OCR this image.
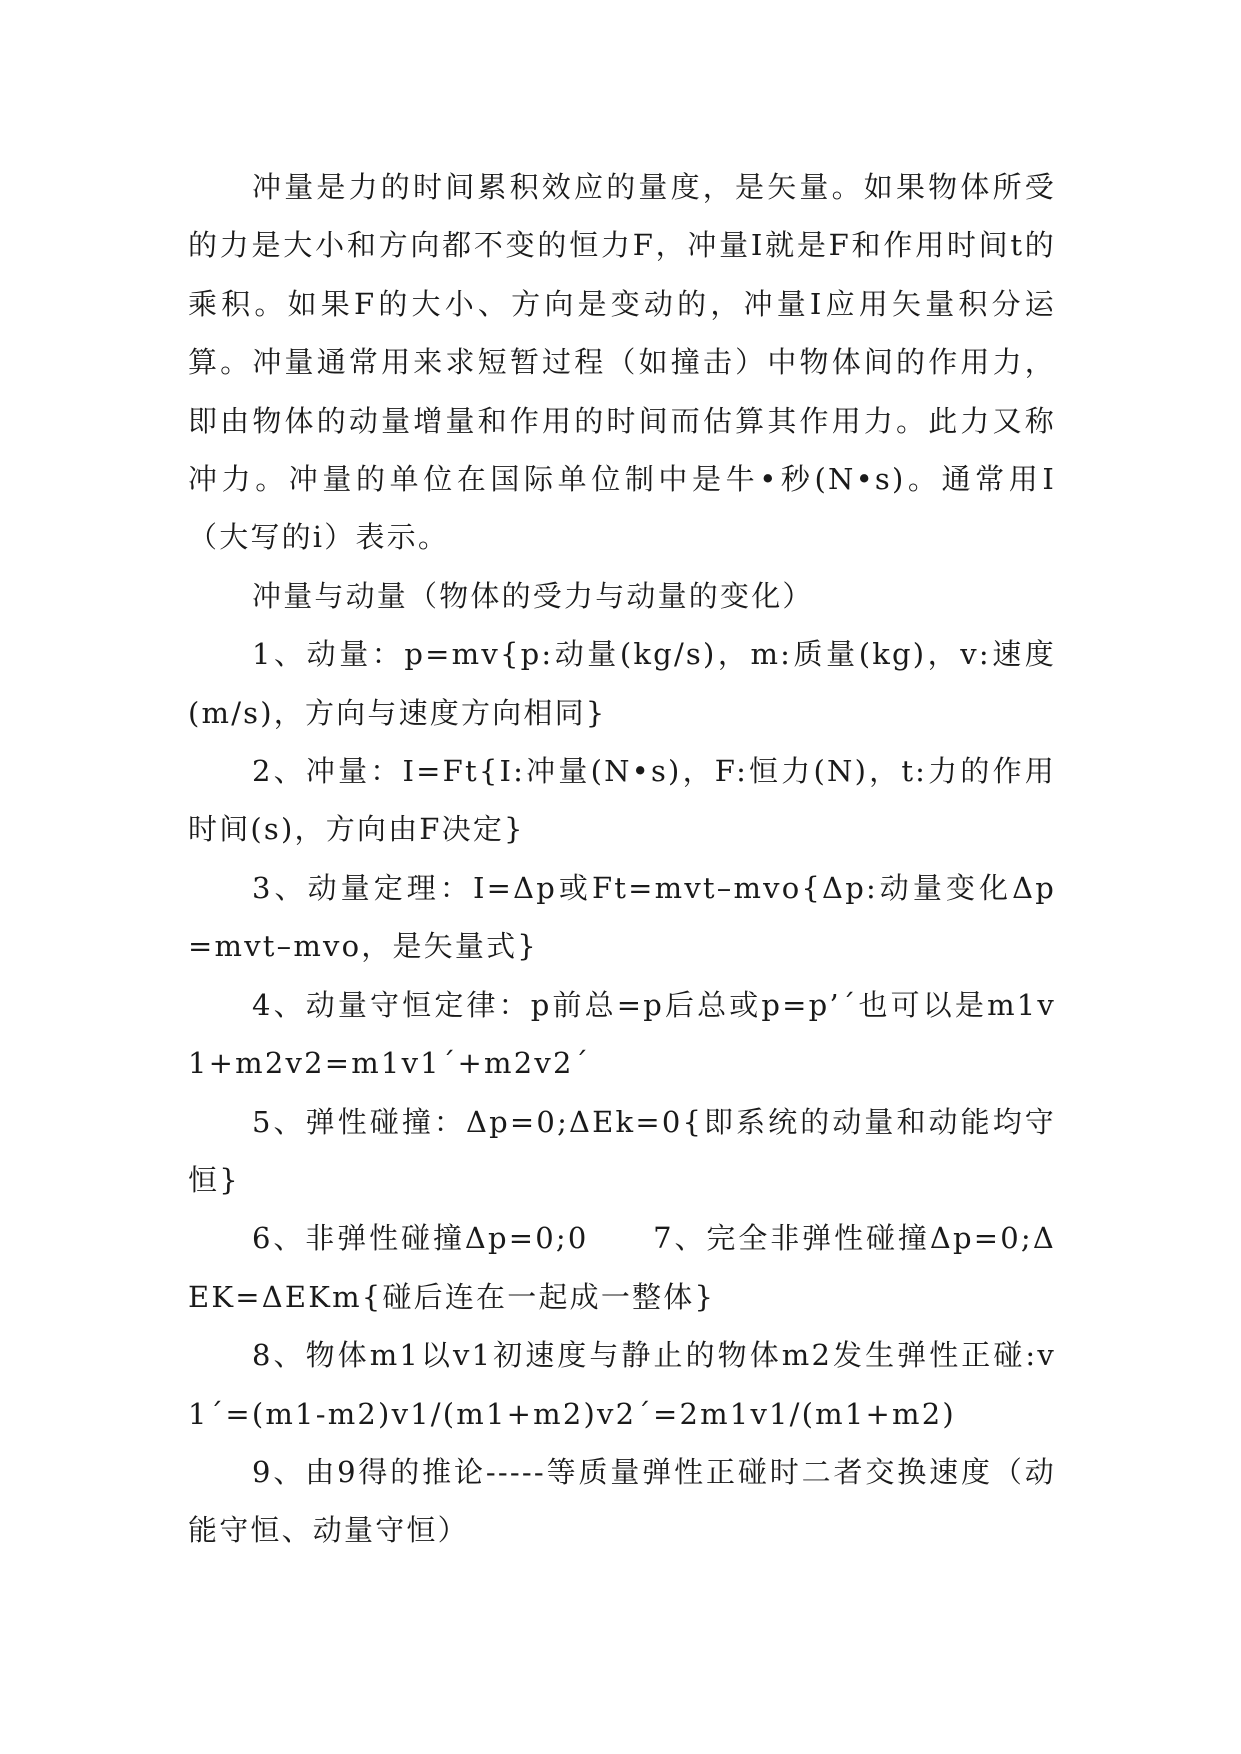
冲量是力的时间累积效应的量度，是矢量。如果物体所受的力是大小和方向都不变的恒力F，冲量I就是F和作用时间t的乘积。如果F的大小、方向是变动的，冲量I应用矢量积分运算。冲量通常用来求短暂过程（如撞击）中物体间的作用力，即由物体的动量增量和作用的时间而估算其作用力。此力又称冲力。冲量的单位在国际单位制中是牛•秒(N•s)。通常用I（大写的i）表示。

冲量与动量（物体的受力与动量的变化）

1、动量：p=mv{p:动量(kg/s)，m:质量(kg)，v:速度(m/s)，方向与速度方向相同}

2、冲量：I=Ft{I:冲量(N•s)，F:恒力(N)，t:力的作用时间(s)，方向由F决定}

3、动量定理：I=Δp或Ft=mvt–mvo{Δp:动量变化Δp=mvt–mvo，是矢量式}

4、动量守恒定律：p前总=p后总或p=p’´也可以是m1v1+m2v2=m1v1´+m2v2´

5、弹性碰撞：Δp=0;ΔEk=0{即系统的动量和动能均守恒}

6、非弹性碰撞Δp=0;0　　7、完全非弹性碰撞Δp=0;ΔEK=ΔEKm{碰后连在一起成一整体}

8、物体m1以v1初速度与静止的物体m2发生弹性正碰:v1´=(m1-m2)v1/(m1+m2)v2´=2m1v1/(m1+m2)

9、由9得的推论-----等质量弹性正碰时二者交换速度（动能守恒、动量守恒）
